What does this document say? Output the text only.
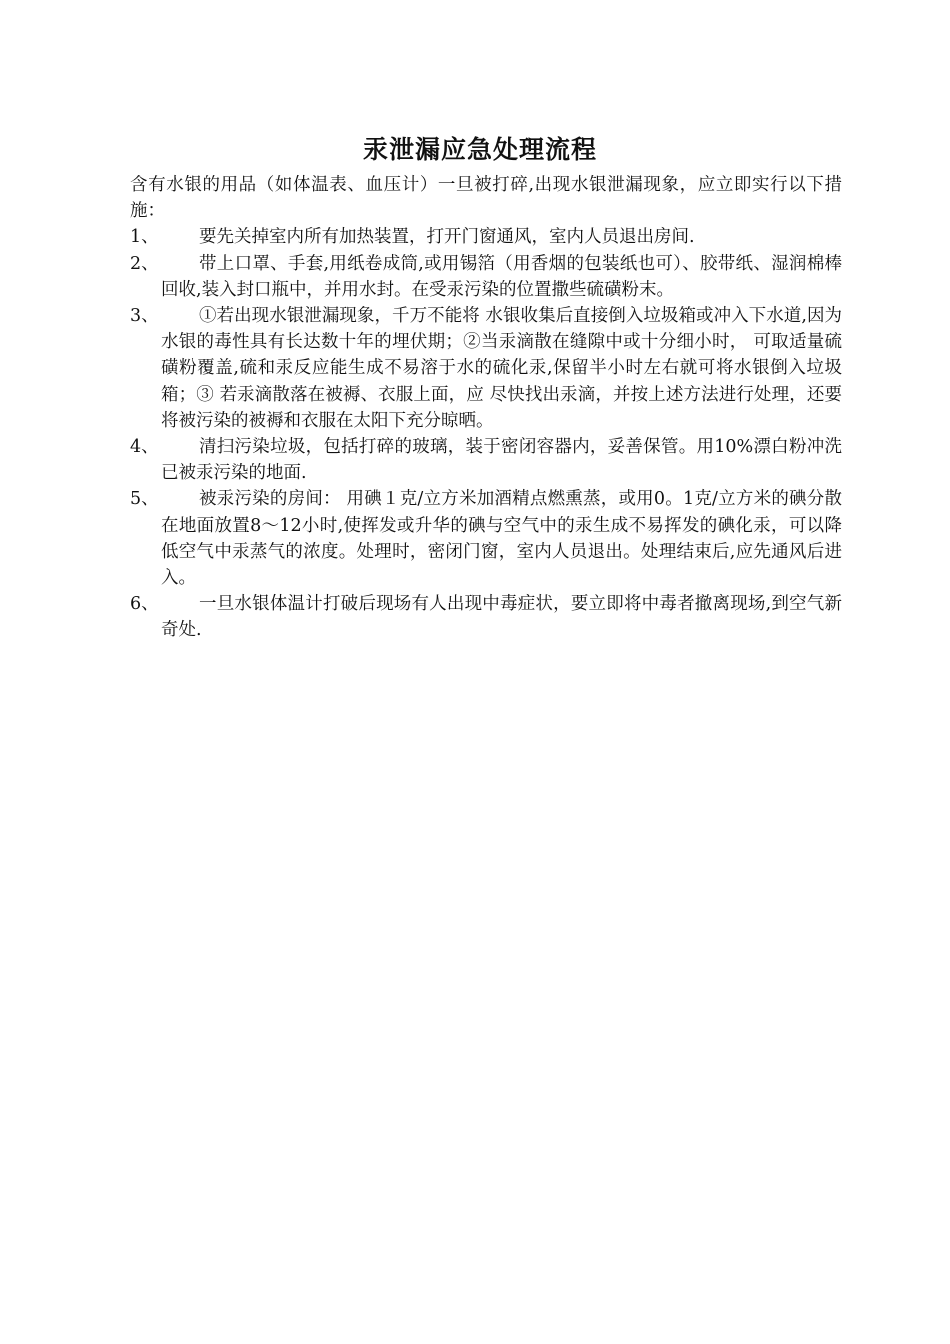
汞泄漏应急处理流程

含有水银的用品（如体温表、血压计）一旦被打碎,出现水银泄漏现象，应立即实行以下措施：

1、	要先关掉室内所有加热装置，打开门窗通风，室内人员退出房间.
2、	带上口罩、手套,用纸卷成筒,或用锡箔（用香烟的包装纸也可）、胶带纸、湿润棉棒回收,装入封口瓶中，并用水封。在受汞污染的位置撒些硫磺粉末。
3、	①若出现水银泄漏现象，千万不能将 水银收集后直接倒入垃圾箱或冲入下水道,因为水银的毒性具有长达数十年的埋伏期；②当汞滴散在缝隙中或十分细小时， 可取适量硫磺粉覆盖,硫和汞反应能生成不易溶于水的硫化汞,保留半小时左右就可将水银倒入垃圾箱；③ 若汞滴散落在被褥、衣服上面，应 尽快找出汞滴，并按上述方法进行处理，还要将被污染的被褥和衣服在太阳下充分晾晒。
4、	清扫污染垃圾，包括打碎的玻璃，装于密闭容器内，妥善保管。用10%漂白粉冲洗已被汞污染的地面.
5、	被汞污染的房间： 用碘１克/立方米加酒精点燃熏蒸，或用0。1克/立方米的碘分散在地面放置8～12小时,使挥发或升华的碘与空气中的汞生成不易挥发的碘化汞，可以降低空气中汞蒸气的浓度。处理时，密闭门窗，室内人员退出。处理结束后,应先通风后进入。
6、	一旦水银体温计打破后现场有人出现中毒症状，要立即将中毒者撤离现场,到空气新奇处.
